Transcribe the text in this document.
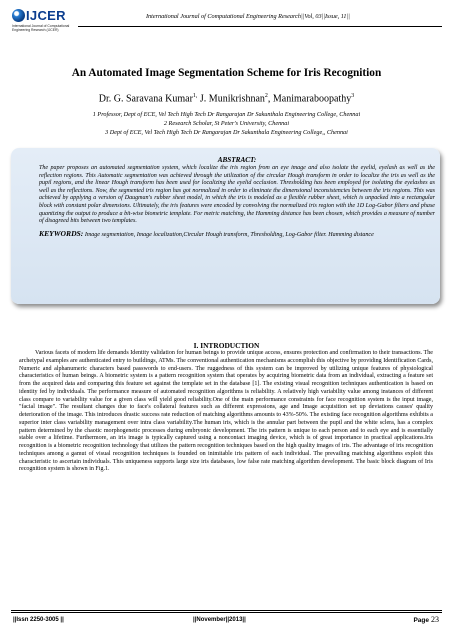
IJCER
International Journal of Computational Engineering Research (IJCER)
International Journal of Computational Engineering Research||Vol, 03||Issue, 11||
An Automated Image Segmentation Scheme for Iris Recognition
Dr. G. Saravana Kumar$^{1,}$ J. Munikrishnan$^2$, Manimaraboopathy$^3$
1 Professor, Dept of ECE, Vel Tech High Tech Dr Rangarajan Dr Sakunthala Engineering College, Chennai
2 Research Scholar, St Peter's University, Chennai
3 Dept of ECE, Vel Tech High Tech Dr Rangarajan Dr Sakunthala Engineering College,, Chennai
ABSTRACT:
The paper proposes an automated segmentation system, which localize the iris region from an eye image and also isolate the eyelid, eyelash as well as the reflection regions. This Automatic segmentation was achieved through the utilization of the circular Hough transform in order to localize the iris as well as the pupil regions, and the linear Hough transform has been used for localizing the eyelid occlusion. Thresholding has been employed for isolating the eyelashes as well as the reflections. Now, the segmented iris region has got normalized in order to eliminate the dimensional inconsistencies between the iris regions. This was achieved by applying a version of Daugman's rubber sheet model, in which the iris is modeled as a flexible rubber sheet, which is unpacked into a rectangular block with constant polar dimensions. Ultimately, the iris features were encoded by convolving the normalized iris region with the 1D Log-Gabor filters and phase quantizing the output to produce a bit-wise biometric template. For metric matching, the Hamming distance has been chosen, which provides a measure of number of disagreed bits between two templates.
KEYWORDS: Image segmentation, Image localization,Circular Hough transform, Thresholding, Log-Gabor filter. Hamming distance
I. INTRODUCTION

Various facets of modern life demands Identity validation for human beings to provide unique access, ensures protection and confirmation to their transactions. The archetypal examples are authenticated entry to buildings, ATMs. The conventional authentication mechanisms accomplish this objective by providing Identification Cards, Numeric and alphanumeric characters based passwords to end-users. The ruggedness of this system can be improved by utilizing unique features of physiological characteristics of human beings. A biometric system is a pattern recognition system that operates by acquiring biometric data from an individual, extracting a feature set from the acquired data and comparing this feature set against the template set in the database [1]. The existing visual recognition techniques authentication is based on identity fed by individuals. The performance measure of automated recognition algorithms is reliability. A relatively high variability value among instances of different class compare to variability value for a given class will yield good reliability.One of the main performance constraints for face recognition system is the input image, "facial image". The resultant changes due to face's collateral features such as different expressions, age and Image acquisition set up deviations causes' quality deterioration of the image. This introduces drastic success rate reduction of matching algorithms amounts to 43%-50%. The existing face recognition algorithms exhibits a superior inter class variability management over intra class variability.The human iris, which is the annular part between the pupil and the white sclera, has a complex pattern determined by the chaotic morphogenetic processes during embryonic development. The iris pattern is unique to each person and to each eye and is essentially stable over a lifetime. Furthermore, an iris image is typically captured using a noncontact imaging device, which is of great importance in practical applications.Iris recognition is a biometric recognition technology that utilizes the pattern recognition techniques based on the high quality images of iris. The advantage of iris recognition techniques among a gamut of visual recognition techniques is founded on inimitable iris pattern of each individual. The prevailing matching algorithms exploit this characteristic to ascertain individuals. This uniqueness supports large size iris databases, low false rate matching algorithm development. The basic block diagram of Iris recognition system is shown in Fig.1.

||Issn 2250-3005 ||	||November||2013||	Page 23
